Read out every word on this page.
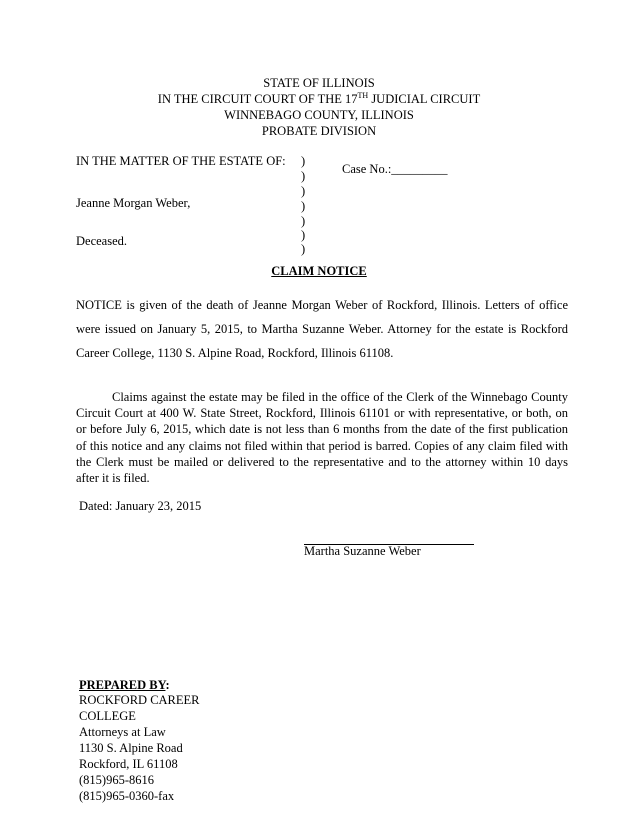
STATE OF ILLINOIS
IN THE CIRCUIT COURT OF THE 17TH JUDICIAL CIRCUIT
WINNEBAGO COUNTY, ILLINOIS
PROBATE DIVISION
IN THE MATTER OF THE ESTATE OF:
Jeanne Morgan Weber,
Deceased.
)
)
)
)
)
)
)
Case No.:_________
CLAIM NOTICE
NOTICE is given of the death of Jeanne Morgan Weber of Rockford, Illinois. Letters of office were issued on January 5, 2015, to Martha Suzanne Weber. Attorney for the estate is Rockford Career College, 1130 S. Alpine Road, Rockford, Illinois 61108.
Claims against the estate may be filed in the office of the Clerk of the Winnebago County Circuit Court at 400 W. State Street, Rockford, Illinois 61101 or with representative, or both, on or before July 6, 2015, which date is not less than 6 months from the date of the first publication of this notice and any claims not filed within that period is barred. Copies of any claim filed with the Clerk must be mailed or delivered to the representative and to the attorney within 10 days after it is filed.
Dated: January 23, 2015
Martha Suzanne Weber
PREPARED BY:
ROCKFORD CAREER
COLLEGE
Attorneys at Law
1130 S. Alpine Road
Rockford, IL 61108
(815)965-8616
(815)965-0360-fax
